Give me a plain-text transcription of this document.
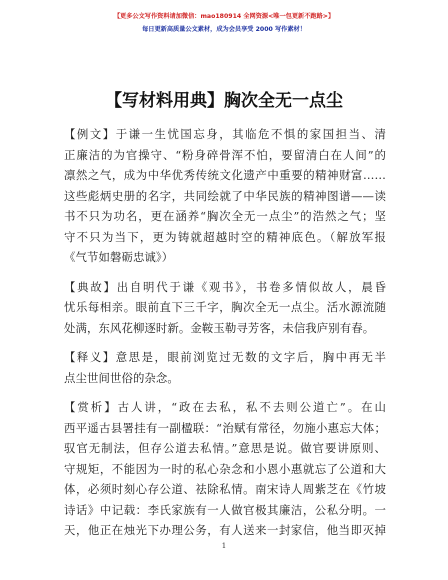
【更多公文写作资料请加微信：mao180914 全网资源<唯一包更新不跑路>】
每日更新高质量公文素材，成为会员享受 2000 写作素材！
【写材料用典】胸次全无一点尘
【例文】于谦一生忧国忘身，其临危不惧的家国担当、清
正廉洁的为官操守、“粉身碎骨浑不怕，要留清白在人间”的
凛然之气，成为中华优秀传统文化遗产中重要的精神财富……
这些彪炳史册的名字，共同绘就了中华民族的精神图谱——读
书不只为功名，更在涵养“胸次全无一点尘”的浩然之气；坚
守不只为当下，更为铸就超越时空的精神底色。（解放军报
《气节如磐砺忠诚》）
【典故】出自明代于谦《观书》，书卷多情似故人，晨昏
忧乐每相亲。眼前直下三千字，胸次全无一点尘。活水源流随
处满，东风花柳逐时新。金鞍玉勒寻芳客，未信我庐别有春。
【释义】意思是，眼前浏览过无数的文字后，胸中再无半
点尘世间世俗的杂念。
【赏析】古人讲，“政在去私，私不去则公道亡”。在山
西平遥古县署挂有一副楹联：“治赋有常径，勿施小惠忘大体；
驭官无制法，但存公道去私情。”意思是说。做官要讲原则、
守规矩，不能因为一时的私心杂念和小恩小惠就忘了公道和大
体，必须时刻心存公道、祛除私情。南宋诗人周紫芝在《竹坡
诗话》中记载：李氏家族有一人做官极其廉洁，公私分明。一
天，他正在烛光下办理公务，有人送来一封家信，他当即灭掉
1
